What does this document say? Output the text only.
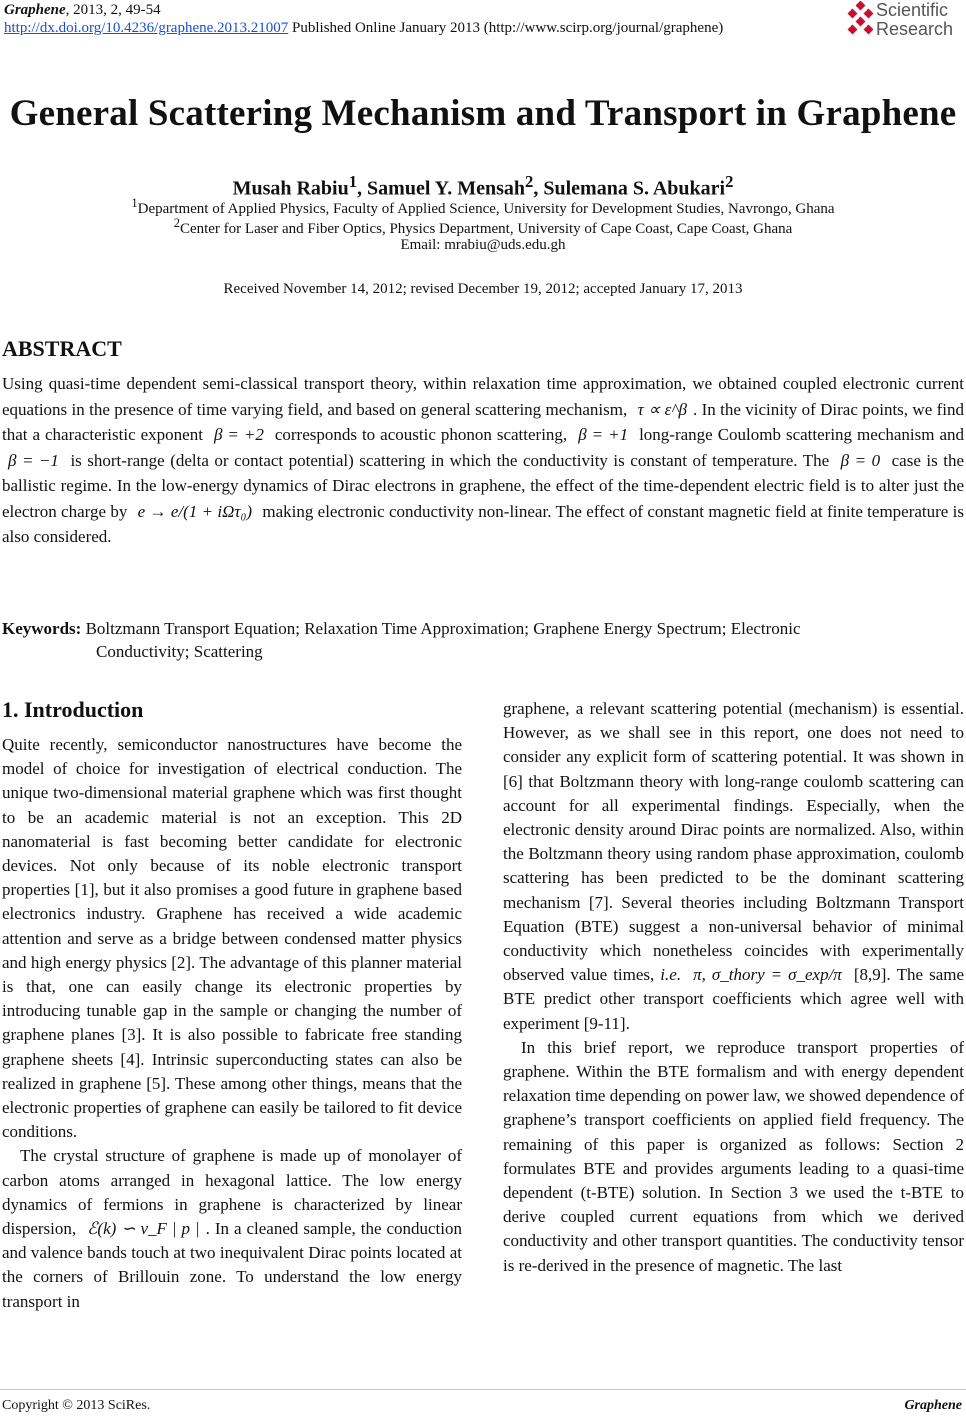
Graphene, 2013, 2, 49-54
http://dx.doi.org/10.4236/graphene.2013.21007 Published Online January 2013 (http://www.scirp.org/journal/graphene)
Scientific
Research
General Scattering Mechanism and Transport in Graphene
Musah Rabiu$^1$, Samuel Y. Mensah$^2$, Sulemana S. Abukari$^2$
$^1$Department of Applied Physics, Faculty of Applied Science, University for Development Studies, Navrongo, Ghana
$^2$Center for Laser and Fiber Optics, Physics Department, University of Cape Coast, Cape Coast, Ghana
Email: mrabiu@uds.edu.gh
Received November 14, 2012; revised December 19, 2012; accepted January 17, 2013
ABSTRACT
Using quasi-time dependent semi-classical transport theory, within relaxation time approximation, we obtained coupled electronic current equations in the presence of time varying field, and based on general scattering mechanism, τ ∝ ε^β . In the vicinity of Dirac points, we find that a characteristic exponent β = +2 corresponds to acoustic phonon scattering, β = +1 long-range Coulomb scattering mechanism and β = −1 is short-range (delta or contact potential) scattering in which the conductivity is constant of temperature. The β = 0 case is the ballistic regime. In the low-energy dynamics of Dirac electrons in graphene, the effect of the time-dependent electric field is to alter just the electron charge by e → e/(1 + iΩτ₀) making electronic conductivity non-linear. The effect of constant magnetic field at finite temperature is also considered.
Keywords: Boltzmann Transport Equation; Relaxation Time Approximation; Graphene Energy Spectrum; Electronic
Conductivity; Scattering
1. Introduction

Quite recently, semiconductor nanostructures have become the model of choice for investigation of electrical conduction. The unique two-dimensional material graphene which was first thought to be an academic material is not an exception. This 2D nanomaterial is fast becoming better candidate for electronic devices. Not only because of its noble electronic transport properties [1], but it also promises a good future in graphene based electronics industry. Graphene has received a wide academic attention and serve as a bridge between condensed matter physics and high energy physics [2]. The advantage of this planner material is that, one can easily change its electronic properties by introducing tunable gap in the sample or changing the number of graphene planes [3]. It is also possible to fabricate free standing graphene sheets [4]. Intrinsic superconducting states can also be realized in graphene [5]. These among other things, means that the electronic properties of graphene can easily be tailored to fit device conditions.

The crystal structure of graphene is made up of monolayer of carbon atoms arranged in hexagonal lattice. The low energy dynamics of fermions in graphene is characterized by linear dispersion, ℰ(k) ∽ v_F | p | . In a cleaned sample, the conduction and valence bands touch at two inequivalent Dirac points located at the corners of Brillouin zone. To understand the low energy transport in

graphene, a relevant scattering potential (mechanism) is essential. However, as we shall see in this report, one does not need to consider any explicit form of scattering potential. It was shown in [6] that Boltzmann theory with long-range coulomb scattering can account for all experimental findings. Especially, when the electronic density around Dirac points are normalized. Also, within the Boltzmann theory using random phase approximation, coulomb scattering has been predicted to be the dominant scattering mechanism [7]. Several theories including Boltzmann Transport Equation (BTE) suggest a non-universal behavior of minimal conductivity which nonetheless coincides with experimentally observed value times, i.e. π, σ_thory = σ_exp/π [8,9]. The same BTE predict other transport coefficients which agree well with experiment [9-11].

In this brief report, we reproduce transport properties of graphene. Within the BTE formalism and with energy dependent relaxation time depending on power law, we showed dependence of graphene’s transport coefficients on applied field frequency. The remaining of this paper is organized as follows: Section 2 formulates BTE and provides arguments leading to a quasi-time dependent (t-BTE) solution. In Section 3 we used the t-BTE to derive coupled current equations from which we derived conductivity and other transport quantities. The conductivity tensor is re-derived in the presence of magnetic. The last

Copyright © 2013 SciRes.	Graphene
